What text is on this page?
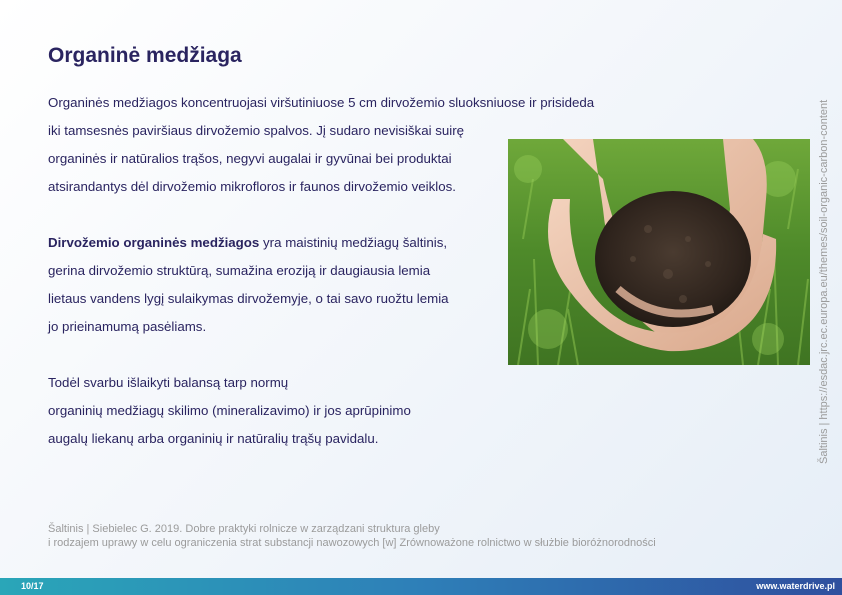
Organinė medžiaga
Organinės medžiagos koncentruojasi viršutiniuose 5 cm dirvožemio sluoksniuose ir prisideda
iki tamsesnės paviršiaus dirvožemio spalvos. Jį sudaro nevisiškai suirę
organinės ir natūralios trąšos, negyvi augalai ir gyvūnai bei produktai
atsirandantys dėl dirvožemio mikrofloros ir faunos dirvožemio veiklos.
Dirvožemio organinės medžiagos yra maistinių medžiagų šaltinis,
gerina dirvožemio struktūrą, sumažina eroziją ir daugiausia lemia
lietaus vandens lygį sulaikymas dirvožemyje, o tai savo ruožtu lemia
jo prieinamumą pasėliams.
Todėl svarbu išlaikyti balansą tarp normų
organinių medžiagų skilimo (mineralizavimo) ir jos aprūpinimo
augalų liekanų arba organinių ir natūralių trąšų pavidalu.	Šaltinis | https://esdac.jrc.ec.europa.eu/themes/soil-organic-carbon-content
Šaltinis | Siebielec G. 2019. Dobre praktyki rolnicze w zarządzani struktura gleby
i rodzajem uprawy w celu ograniczenia strat substancji nawozowych [w] Zrównoważone rolnictwo w służbie bioróżnorodności
10/17	www.waterdrive.pl
